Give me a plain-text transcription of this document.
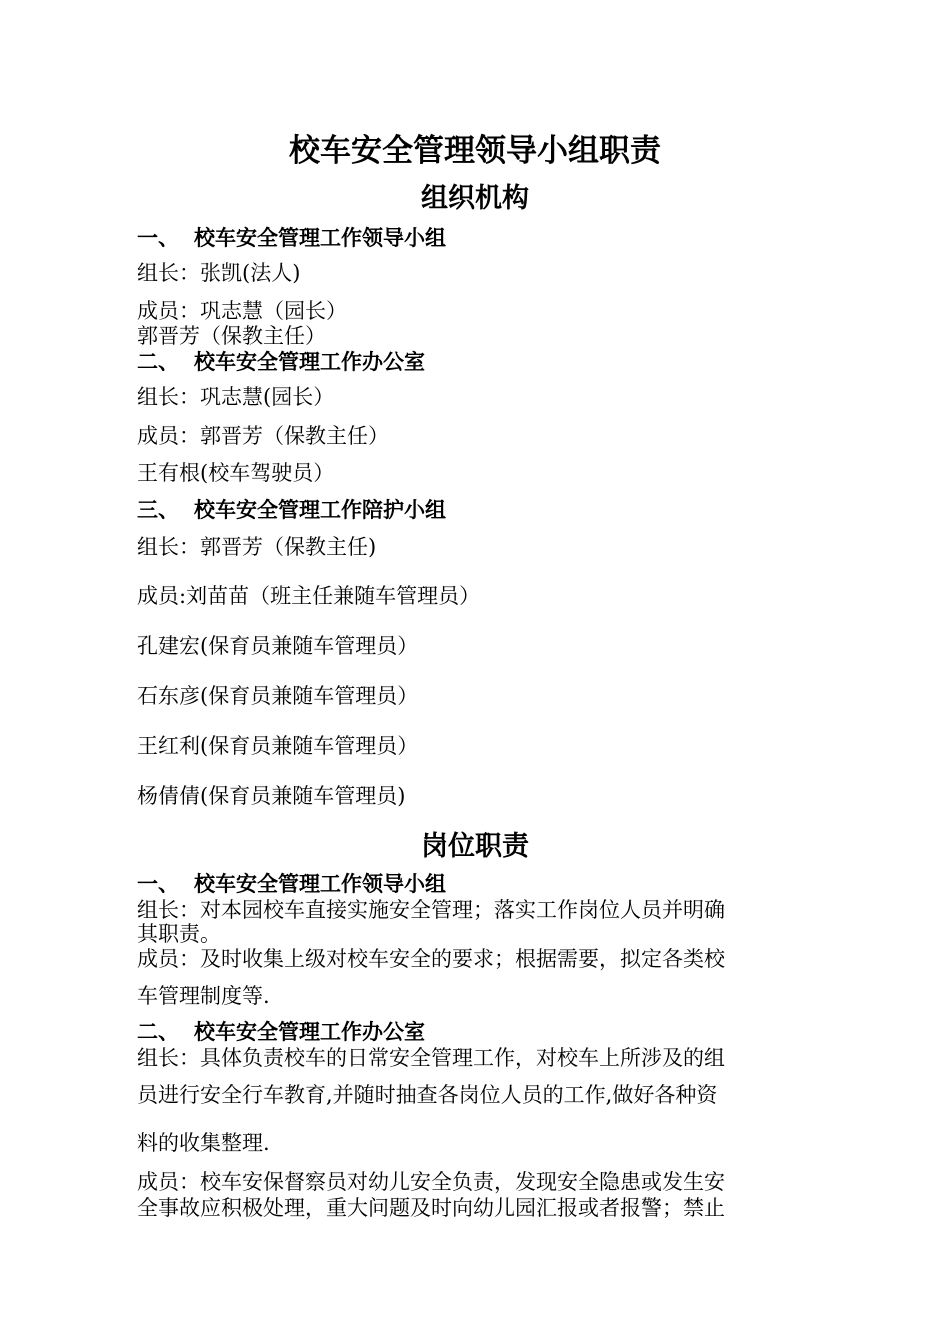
校车安全管理领导小组职责
组织机构
一、 校车安全管理工作领导小组
组长：张凯(法人)
成员：巩志慧（园长）
郭晋芳（保教主任）
二、 校车安全管理工作办公室
组长：巩志慧(园长）
成员：郭晋芳（保教主任）
王有根(校车驾驶员）
三、 校车安全管理工作陪护小组
组长：郭晋芳（保教主任)
成员:刘苗苗（班主任兼随车管理员）
孔建宏(保育员兼随车管理员）
石东彦(保育员兼随车管理员）
王红利(保育员兼随车管理员）
杨倩倩(保育员兼随车管理员)
岗位职责
一、 校车安全管理工作领导小组
组长：对本园校车直接实施安全管理；落实工作岗位人员并明确
其职责。
成员：及时收集上级对校车安全的要求；根据需要，拟定各类校
车管理制度等.
二、 校车安全管理工作办公室
组长：具体负责校车的日常安全管理工作，对校车上所涉及的组
员进行安全行车教育,并随时抽查各岗位人员的工作,做好各种资
料的收集整理.
成员：校车安保督察员对幼儿安全负责，发现安全隐患或发生安
全事故应积极处理，重大问题及时向幼儿园汇报或者报警；禁止
